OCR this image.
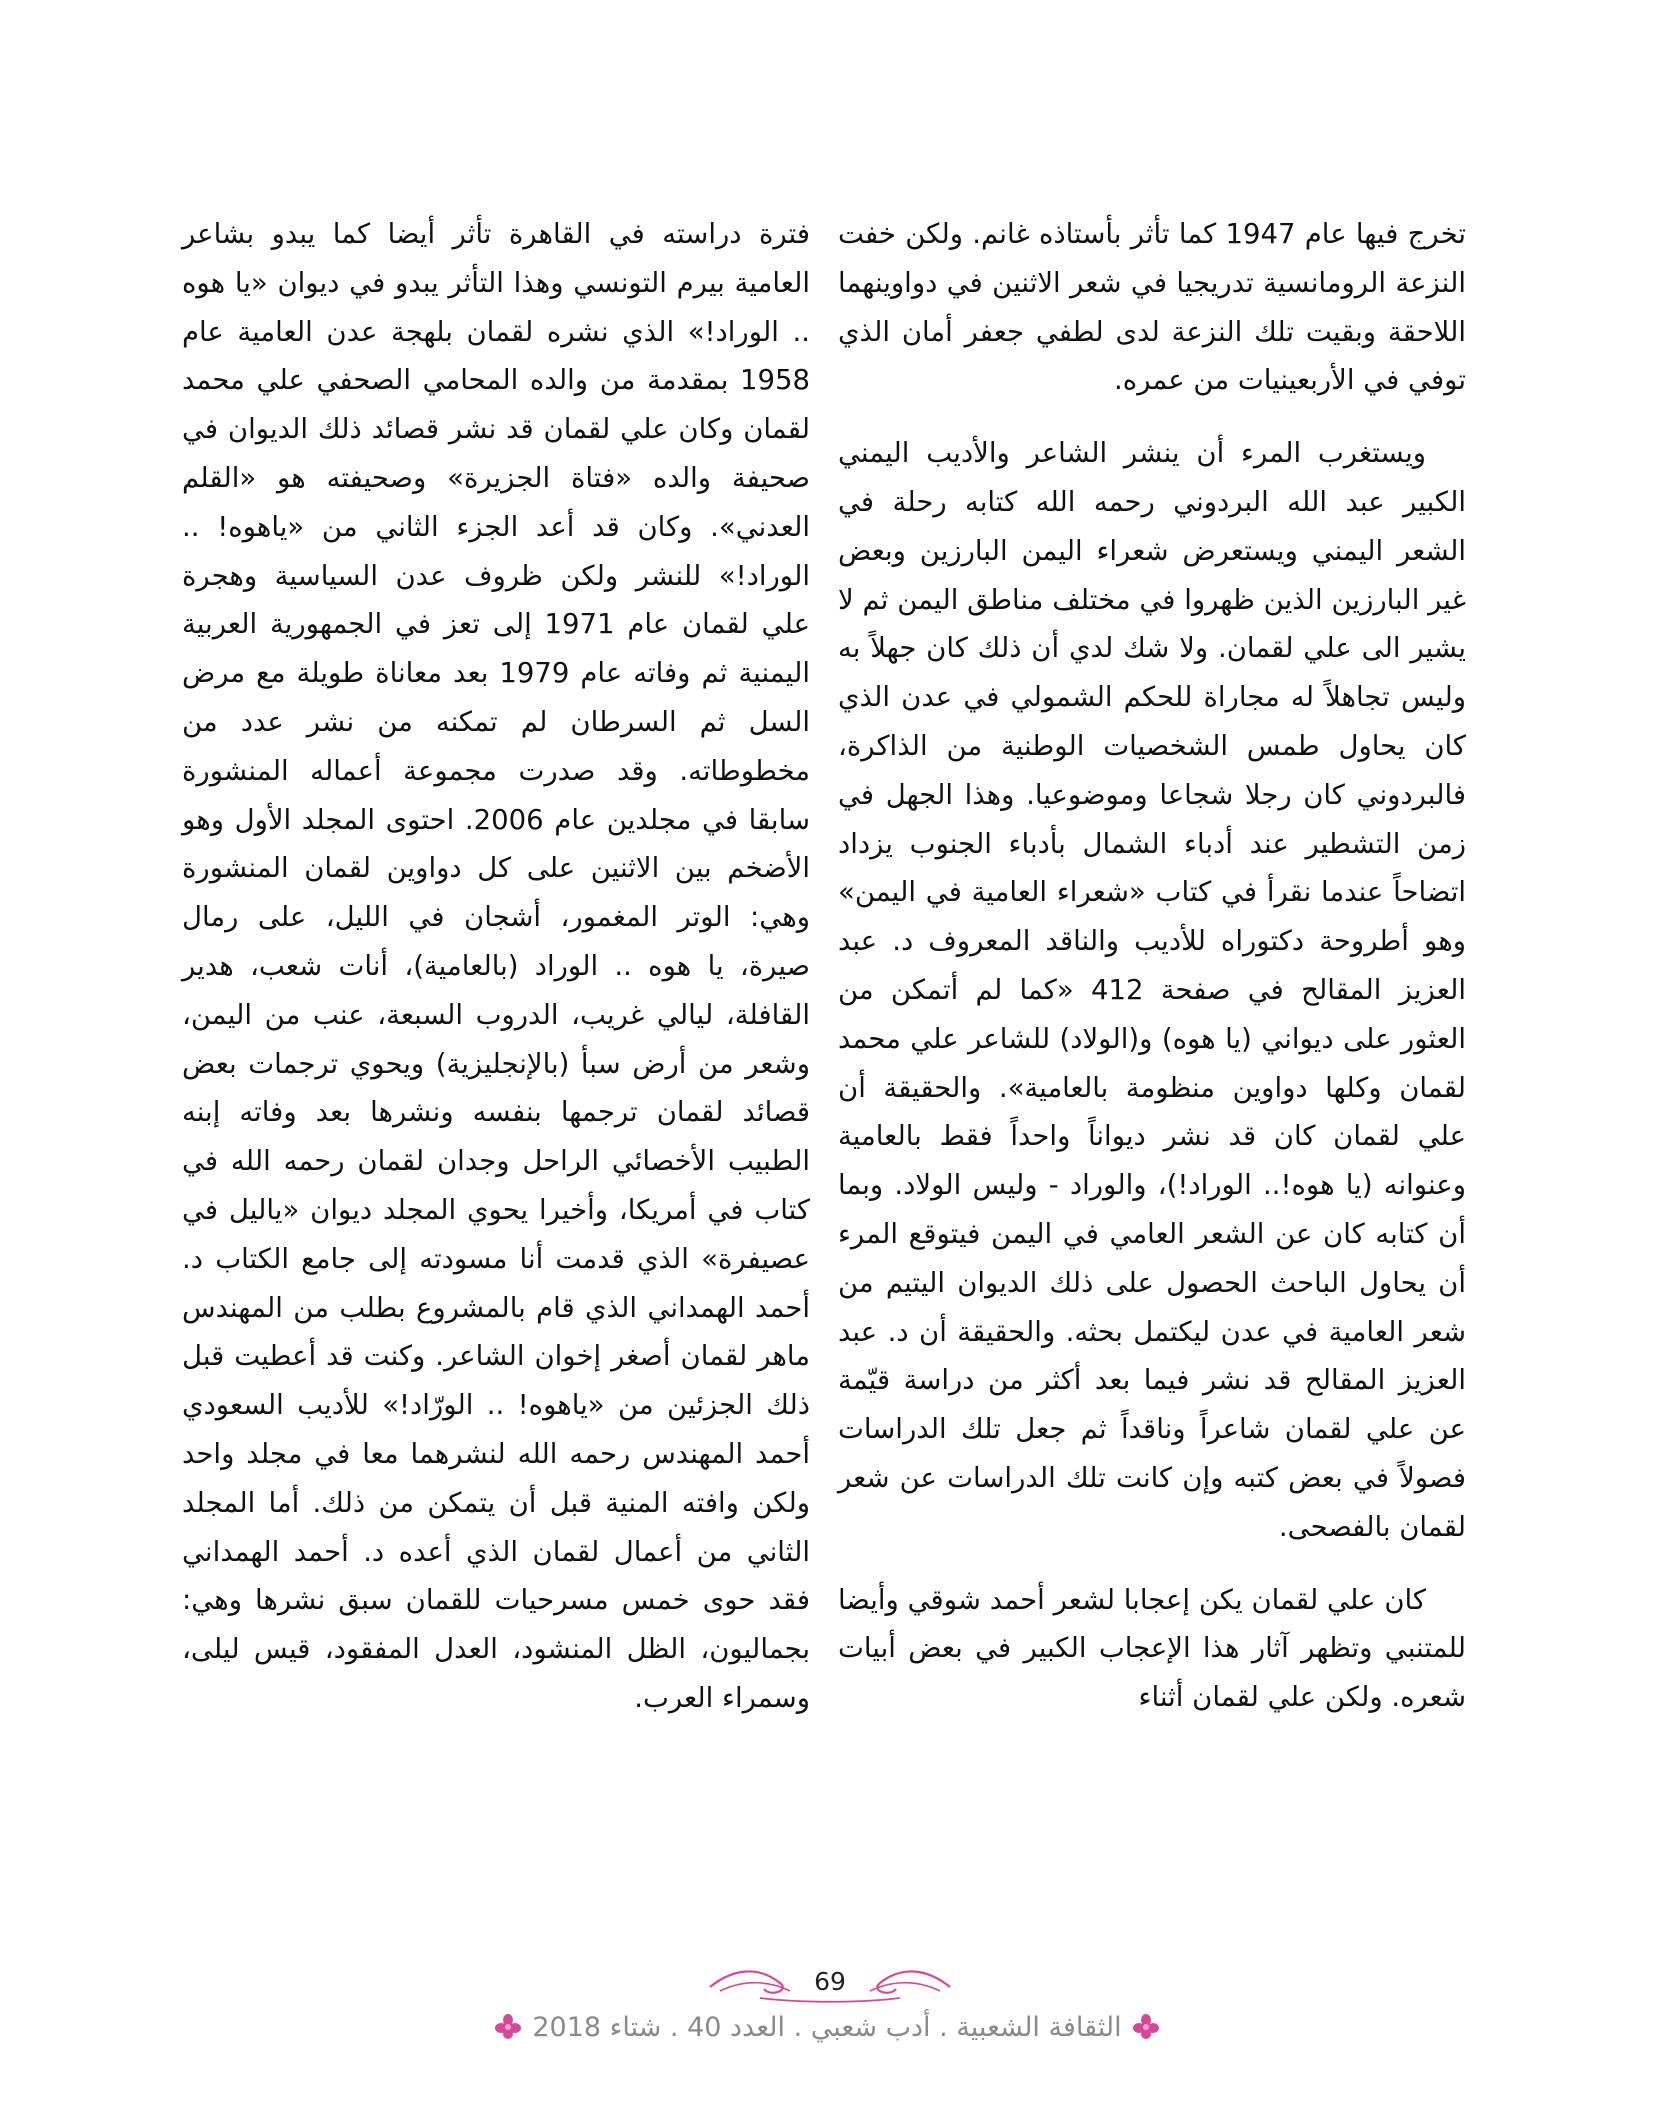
تخرج فيها عام 1947 كما تأثر بأستاذه غانم. ولكن خفت النزعة الرومانسية تدريجيا في شعر الاثنين في دواوينهما اللاحقة وبقيت تلك النزعة لدى لطفي جعفر أمان الذي توفي في الأربعينيات من عمره.

ويستغرب المرء أن ينشر الشاعر والأديب اليمني الكبير عبد الله البردوني رحمه الله كتابه رحلة في الشعر اليمني ويستعرض شعراء اليمن البارزين وبعض غير البارزين الذين ظهروا في مختلف مناطق اليمن ثم لا يشير الى علي لقمان. ولا شك لدي أن ذلك كان جهلاً به وليس تجاهلاً له مجاراة للحكم الشمولي في عدن الذي كان يحاول طمس الشخصيات الوطنية من الذاكرة، فالبردوني كان رجلا شجاعا وموضوعيا. وهذا الجهل في زمن التشطير عند أدباء الشمال بأدباء الجنوب يزداد اتضاحاً عندما نقرأ في كتاب «شعراء العامية في اليمن» وهو أطروحة دكتوراه للأديب والناقد المعروف د. عبد العزيز المقالح في صفحة 412 «كما لم أتمكن من العثور على ديواني (يا هوه) و(الولاد) للشاعر علي محمد لقمان وكلها دواوين منظومة بالعامية». والحقيقة أن علي لقمان كان قد نشر ديواناً واحداً فقط بالعامية وعنوانه (يا هوه!.. الوراد!)، والوراد - وليس الولاد. وبما أن كتابه كان عن الشعر العامي في اليمن فيتوقع المرء أن يحاول الباحث الحصول على ذلك الديوان اليتيم من شعر العامية في عدن ليكتمل بحثه. والحقيقة أن د. عبد العزيز المقالح قد نشر فيما بعد أكثر من دراسة قيّمة عن علي لقمان شاعراً وناقداً ثم جعل تلك الدراسات فصولاً في بعض كتبه وإن كانت تلك الدراسات عن شعر لقمان بالفصحى.

كان علي لقمان يكن إعجابا لشعر أحمد شوقي وأيضا للمتنبي وتظهر آثار هذا الإعجاب الكبير في بعض أبيات شعره. ولكن علي لقمان أثناء

فترة دراسته في القاهرة تأثر أيضا كما يبدو بشاعر العامية بيرم التونسي وهذا التأثر يبدو في ديوان «يا هوه .. الوراد!» الذي نشره لقمان بلهجة عدن العامية عام 1958 بمقدمة من والده المحامي الصحفي علي محمد لقمان وكان علي لقمان قد نشر قصائد ذلك الديوان في صحيفة والده «فتاة الجزيرة» وصحيفته هو «القلم العدني». وكان قد أعد الجزء الثاني من «ياهوه! .. الوراد!» للنشر ولكن ظروف عدن السياسية وهجرة علي لقمان عام 1971 إلى تعز في الجمهورية العربية اليمنية ثم وفاته عام 1979 بعد معاناة طويلة مع مرض السل ثم السرطان لم تمكنه من نشر عدد من مخطوطاته. وقد صدرت مجموعة أعماله المنشورة سابقا في مجلدين عام 2006. احتوى المجلد الأول وهو الأضخم بين الاثنين على كل دواوين لقمان المنشورة وهي: الوتر المغمور، أشجان في الليل، على رمال صيرة، يا هوه .. الوراد (بالعامية)، أنات شعب، هدير القافلة، ليالي غريب، الدروب السبعة، عنب من اليمن، وشعر من أرض سبأ (بالإنجليزية) ويحوي ترجمات بعض قصائد لقمان ترجمها بنفسه ونشرها بعد وفاته إبنه الطبيب الأخصائي الراحل وجدان لقمان رحمه الله في كتاب في أمريكا، وأخيرا يحوي المجلد ديوان «ياليل في عصيفرة» الذي قدمت أنا مسودته إلى جامع الكتاب د. أحمد الهمداني الذي قام بالمشروع بطلب من المهندس ماهر لقمان أصغر إخوان الشاعر. وكنت قد أعطيت قبل ذلك الجزئين من «ياهوه! .. الورّاد!» للأديب السعودي أحمد المهندس رحمه الله لنشرهما معا في مجلد واحد ولكن وافته المنية قبل أن يتمكن من ذلك. أما المجلد الثاني من أعمال لقمان الذي أعده د. أحمد الهمداني فقد حوى خمس مسرحيات للقمان سبق نشرها وهي: بجماليون، الظل المنشود، العدل المفقود، قيس ليلى، وسمراء العرب.

69
الثقافة الشعبية . أدب شعبي . العدد 40 . شتاء 2018
